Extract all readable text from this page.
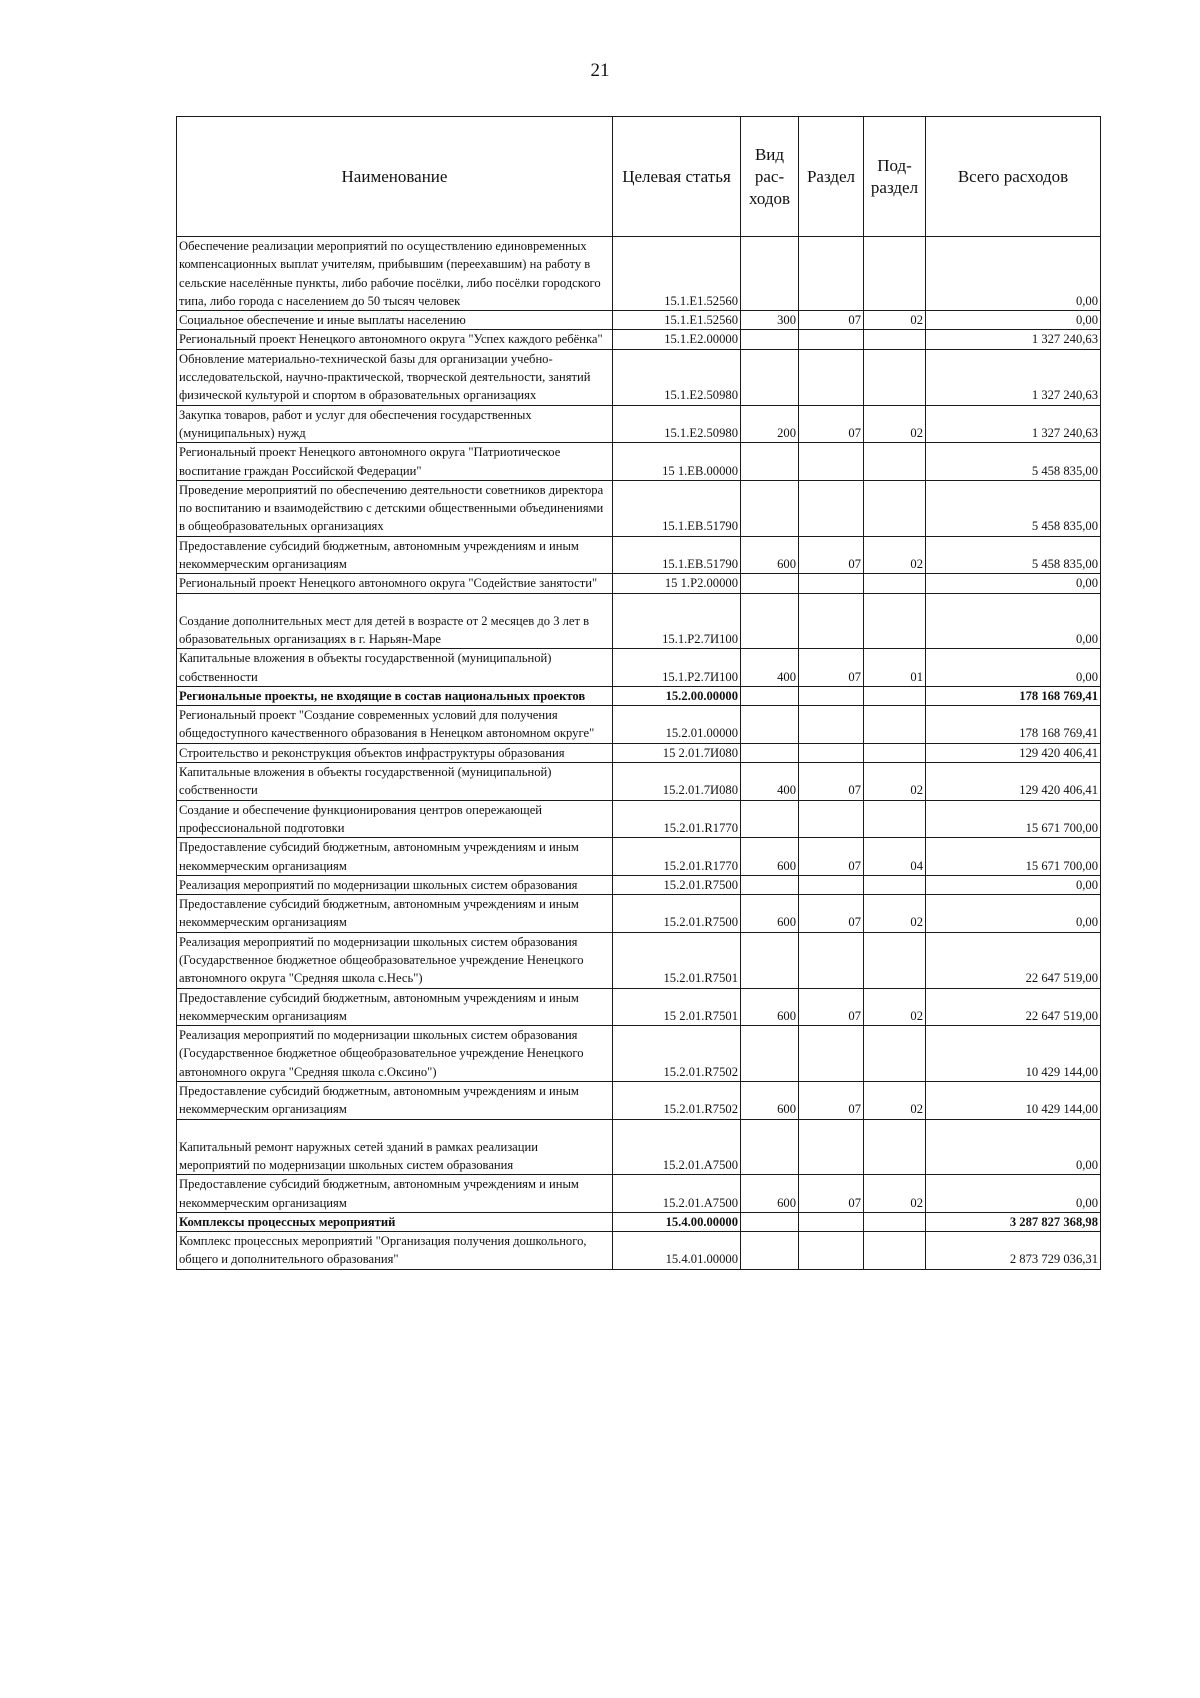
21
Наименование	Целевая статья	Вид рас- ходов	Раздел	Под- раздел	Всего расходов
Обеспечение реализации мероприятий по осуществлению единовременных компенсационных выплат учителям, прибывшим (переехавшим) на работу в сельские населённые пункты, либо рабочие посёлки, либо посёлки городского типа, либо города с населением до 50 тысяч человек	15.1.Е1.52560				0,00
Социальное обеспечение и иные выплаты населению	15.1.Е1.52560	300	07	02	0,00
Региональный проект Ненецкого автономного округа "Успех каждого ребёнка"	15.1.Е2.00000				1 327 240,63
Обновление материально-технической базы для организации учебно-исследовательской, научно-практической, творческой деятельности, занятий физической культурой и спортом в образовательных организациях	15.1.Е2.50980				1 327 240,63
Закупка товаров, работ и услуг для обеспечения государственных (муниципальных) нужд	15.1.Е2.50980	200	07	02	1 327 240,63
Региональный проект Ненецкого автономного округа "Патриотическое воспитание граждан Российской Федерации"	15 1.ЕВ.00000				5 458 835,00
Проведение мероприятий по обеспечению деятельности советников директора по воспитанию и взаимодействию с детскими общественными объединениями в общеобразовательных организациях	15.1.ЕВ.51790				5 458 835,00
Предоставление субсидий бюджетным, автономным учреждениям и иным некоммерческим организациям	15.1.ЕВ.51790	600	07	02	5 458 835,00
Региональный проект Ненецкого автономного округа "Содействие занятости"	15 1.Р2.00000				0,00
Создание дополнительных мест для детей в возрасте от 2 месяцев до 3 лет в образовательных организациях в г. Нарьян-Маре	15.1.Р2.7И100				0,00
Капитальные вложения в объекты государственной (муниципальной) собственности	15.1.Р2.7И100	400	07	01	0,00
Региональные проекты, не входящие в состав национальных проектов	15.2.00.00000				178 168 769,41
Региональный проект "Создание современных условий для получения общедоступного качественного образования в Ненецком автономном округе"	15.2.01.00000				178 168 769,41
Строительство и реконструкция объектов инфраструктуры образования	15 2.01.7И080				129 420 406,41
Капитальные вложения в объекты государственной (муниципальной) собственности	15.2.01.7И080	400	07	02	129 420 406,41
Создание и обеспечение функционирования центров опережающей профессиональной подготовки	15.2.01.R1770				15 671 700,00
Предоставление субсидий бюджетным, автономным учреждениям и иным некоммерческим организациям	15.2.01.R1770	600	07	04	15 671 700,00
Реализация мероприятий по модернизации школьных систем образования	15.2.01.R7500				0,00
Предоставление субсидий бюджетным, автономным учреждениям и иным некоммерческим организациям	15.2.01.R7500	600	07	02	0,00
Реализация мероприятий по модернизации школьных систем образования (Государственное бюджетное общеобразовательное учреждение Ненецкого автономного округа "Средняя школа с.Несь")	15.2.01.R7501				22 647 519,00
Предоставление субсидий бюджетным, автономным учреждениям и иным некоммерческим организациям	15 2.01.R7501	600	07	02	22 647 519,00
Реализация мероприятий по модернизации школьных систем образования (Государственное бюджетное общеобразовательное учреждение Ненецкого автономного округа "Средняя школа с.Оксино")	15.2.01.R7502				10 429 144,00
Предоставление субсидий бюджетным, автономным учреждениям и иным некоммерческим организациям	15.2.01.R7502	600	07	02	10 429 144,00
Капитальный ремонт наружных сетей зданий в рамках реализации мероприятий по модернизации школьных систем образования	15.2.01.А7500				0,00
Предоставление субсидий бюджетным, автономным учреждениям и иным некоммерческим организациям	15.2.01.А7500	600	07	02	0,00
Комплексы процессных мероприятий	15.4.00.00000				3 287 827 368,98
Комплекс процессных мероприятий "Организация получения дошкольного, общего и дополнительного образования"	15.4.01.00000				2 873 729 036,31
